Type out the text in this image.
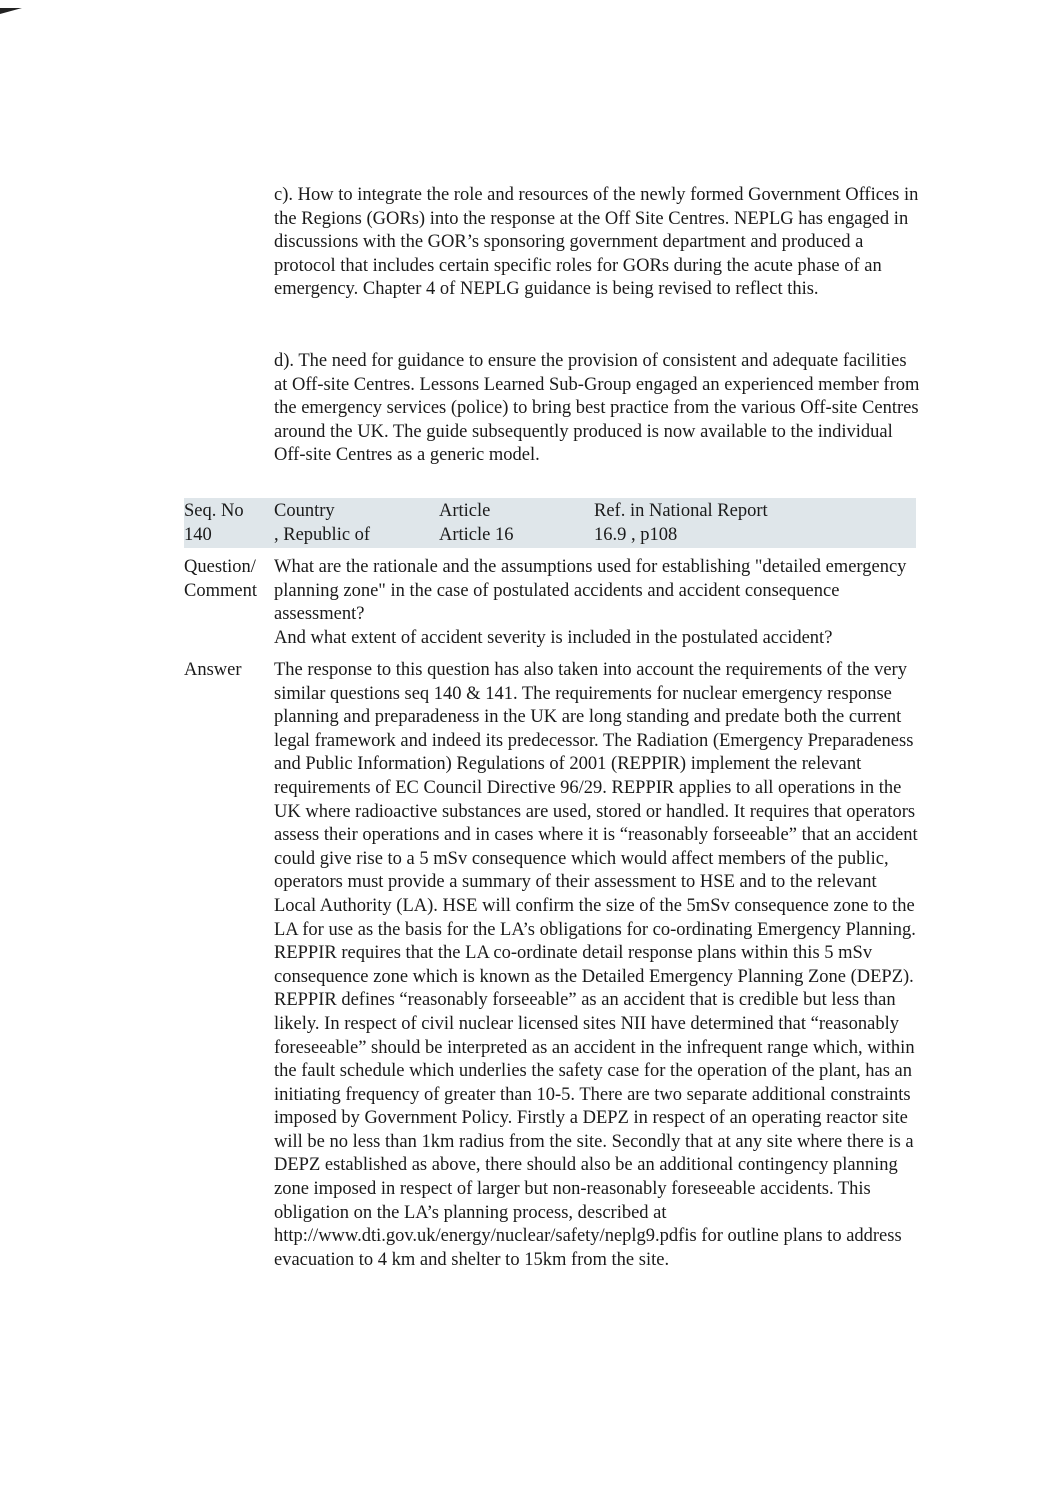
c). How to integrate the role and resources of the newly formed Government Offices in the Regions (GORs) into the response at the Off Site Centres. NEPLG has engaged in discussions with the GOR’s sponsoring government department and produced a protocol that includes certain specific roles for GORs during the acute phase of an emergency. Chapter 4 of NEPLG guidance is being revised to reflect this.

d). The need for guidance to ensure the provision of consistent and adequate facilities at Off-site Centres. Lessons Learned Sub-Group engaged an experienced member from the emergency services (police) to bring best practice from the various Off-site Centres around the UK. The guide subsequently produced is now available to the individual Off-site Centres as a generic model.

Seq. No
140
Country
, Republic of
Article
Article 16
Ref. in National Report
16.9 , p108
Question/
Comment
What are the rationale and the assumptions used for establishing "detailed emergency planning zone" in the case of postulated accidents and accident consequence assessment?
And what extent of accident severity is included in the postulated accident?
Answer	The response to this question has also taken into account the requirements of the very similar questions seq 140 & 141. The requirements for nuclear emergency response planning and preparadeness in the UK are long standing and predate both the current legal framework and indeed its predecessor. The Radiation (Emergency Preparadeness and Public Information) Regulations of 2001 (REPPIR) implement the relevant requirements of EC Council Directive 96/29. REPPIR applies to all operations in the UK where radioactive substances are used, stored or handled. It requires that operators assess their operations and in cases where it is “reasonably forseeable” that an accident could give rise to a 5 mSv consequence which would affect members of the public, operators must provide a summary of their assessment to HSE and to the relevant Local Authority (LA). HSE will confirm the size of the 5mSv consequence zone to the LA for use as the basis for the LA’s obligations for co-ordinating Emergency Planning. REPPIR requires that the LA co-ordinate detail response plans within this 5 mSv consequence zone which is known as the Detailed Emergency Planning Zone (DEPZ). REPPIR defines “reasonably forseeable” as an accident that is credible but less than likely. In respect of civil nuclear licensed sites NII have determined that “reasonably foreseeable” should be interpreted as an accident in the infrequent range which, within the fault schedule which underlies the safety case for the operation of the plant, has an initiating frequency of greater than 10-5. There are two separate additional constraints imposed by Government Policy. Firstly a DEPZ in respect of an operating reactor site will be no less than 1km radius from the site. Secondly that at any site where there is a DEPZ established as above, there should also be an additional contingency planning zone imposed in respect of larger but non-reasonably foreseeable accidents. This obligation on the LA’s planning process, described at http://www.dti.gov.uk/energy/nuclear/safety/neplg9.pdfis for outline plans to address evacuation to 4 km and shelter to 15km from the site.
